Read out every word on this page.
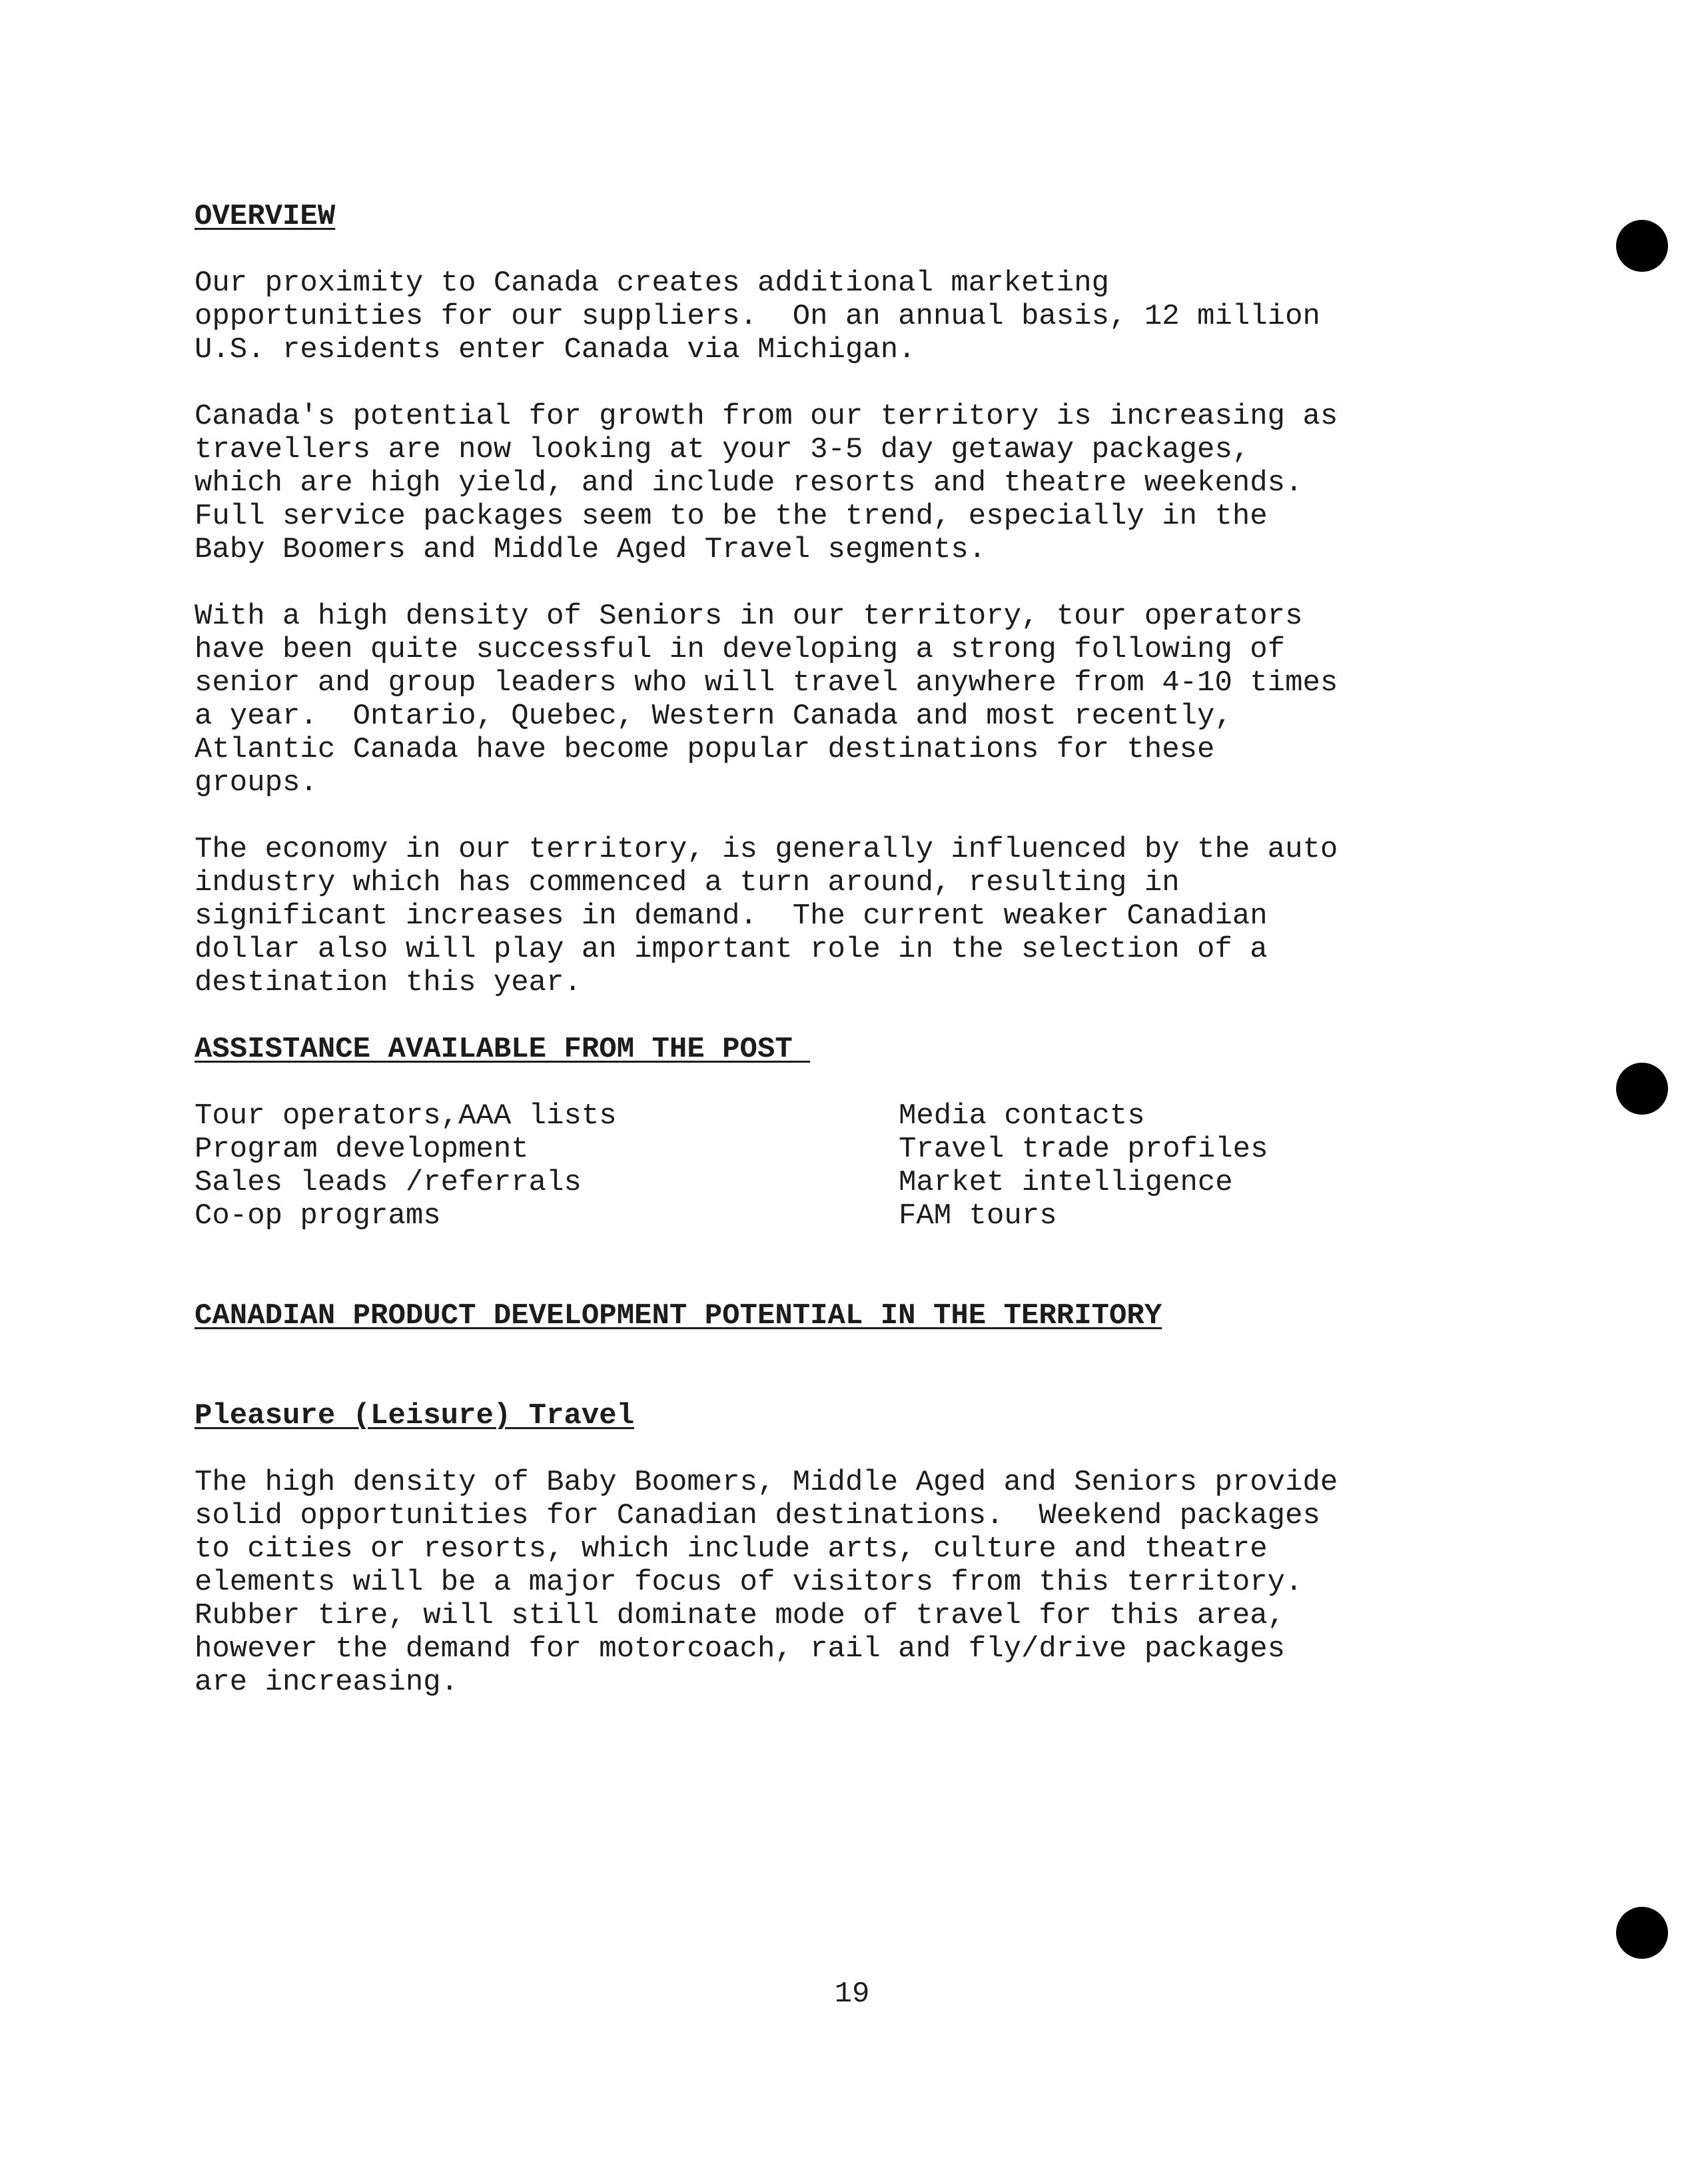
OVERVIEW

Our proximity to Canada creates additional marketing
opportunities for our suppliers.  On an annual basis, 12 million
U.S. residents enter Canada via Michigan.

Canada's potential for growth from our territory is increasing as
travellers are now looking at your 3-5 day getaway packages,
which are high yield, and include resorts and theatre weekends.
Full service packages seem to be the trend, especially in the
Baby Boomers and Middle Aged Travel segments.

With a high density of Seniors in our territory, tour operators
have been quite successful in developing a strong following of
senior and group leaders who will travel anywhere from 4-10 times
a year.  Ontario, Quebec, Western Canada and most recently,
Atlantic Canada have become popular destinations for these
groups.

The economy in our territory, is generally influenced by the auto
industry which has commenced a turn around, resulting in
significant increases in demand.  The current weaker Canadian
dollar also will play an important role in the selection of a
destination this year.

ASSISTANCE AVAILABLE FROM THE POST
Tour operators,AAA lists
Program development
Sales leads /referrals
Co-op programs
Media contacts
Travel trade profiles
Market intelligence
FAM tours
CANADIAN PRODUCT DEVELOPMENT POTENTIAL IN THE TERRITORY
Pleasure (Leisure) Travel

The high density of Baby Boomers, Middle Aged and Seniors provide
solid opportunities for Canadian destinations.  Weekend packages
to cities or resorts, which include arts, culture and theatre
elements will be a major focus of visitors from this territory.
Rubber tire, will still dominate mode of travel for this area,
however the demand for motorcoach, rail and fly/drive packages
are increasing.

19
